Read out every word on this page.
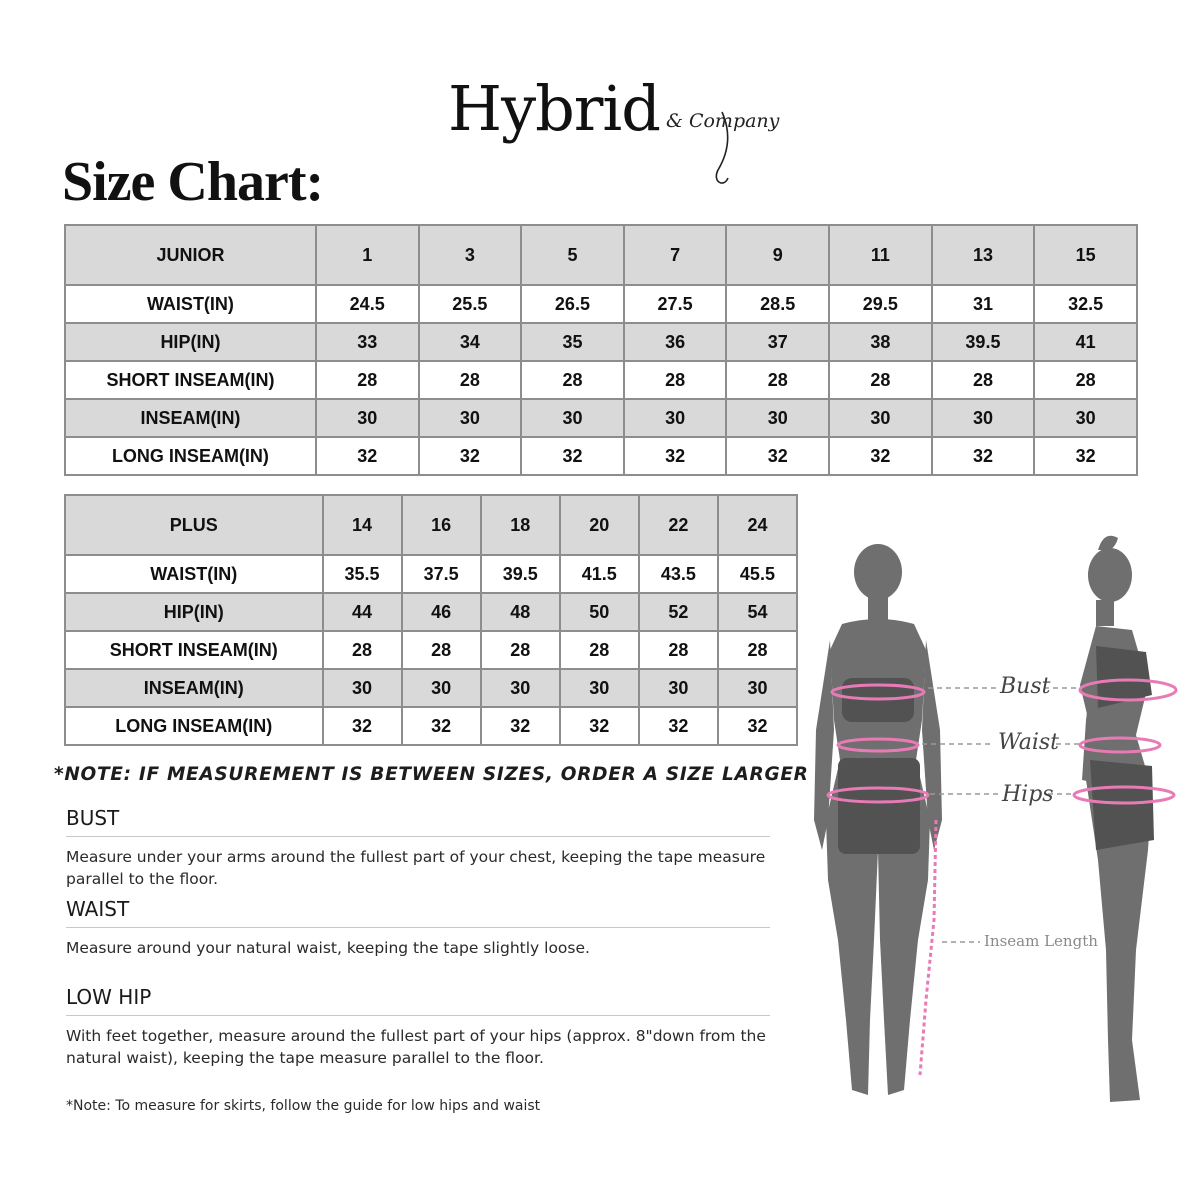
Hybrid & Company
Size Chart:
JUNIOR	1	3	5	7	9	11	13	15
WAIST(IN)	24.5	25.5	26.5	27.5	28.5	29.5	31	32.5
HIP(IN)	33	34	35	36	37	38	39.5	41
SHORT INSEAM(IN)	28	28	28	28	28	28	28	28
INSEAM(IN)	30	30	30	30	30	30	30	30
LONG INSEAM(IN)	32	32	32	32	32	32	32	32
PLUS	14	16	18	20	22	24
WAIST(IN)	35.5	37.5	39.5	41.5	43.5	45.5
HIP(IN)	44	46	48	50	52	54
SHORT INSEAM(IN)	28	28	28	28	28	28
INSEAM(IN)	30	30	30	30	30	30
LONG INSEAM(IN)	32	32	32	32	32	32

*NOTE: IF MEASUREMENT IS BETWEEN SIZES, ORDER A SIZE LARGER

BUST

Measure under your arms around the fullest part of your chest, keeping the tape measure parallel to the floor.

WAIST

Measure around your natural waist, keeping the tape slightly loose.

LOW HIP

With feet together, measure around the fullest part of your hips (approx. 8"down from the natural waist), keeping the tape measure parallel to the floor.

*Note: To measure for skirts, follow the guide for low hips and waist

Bust
Waist
Hips
Inseam Length
